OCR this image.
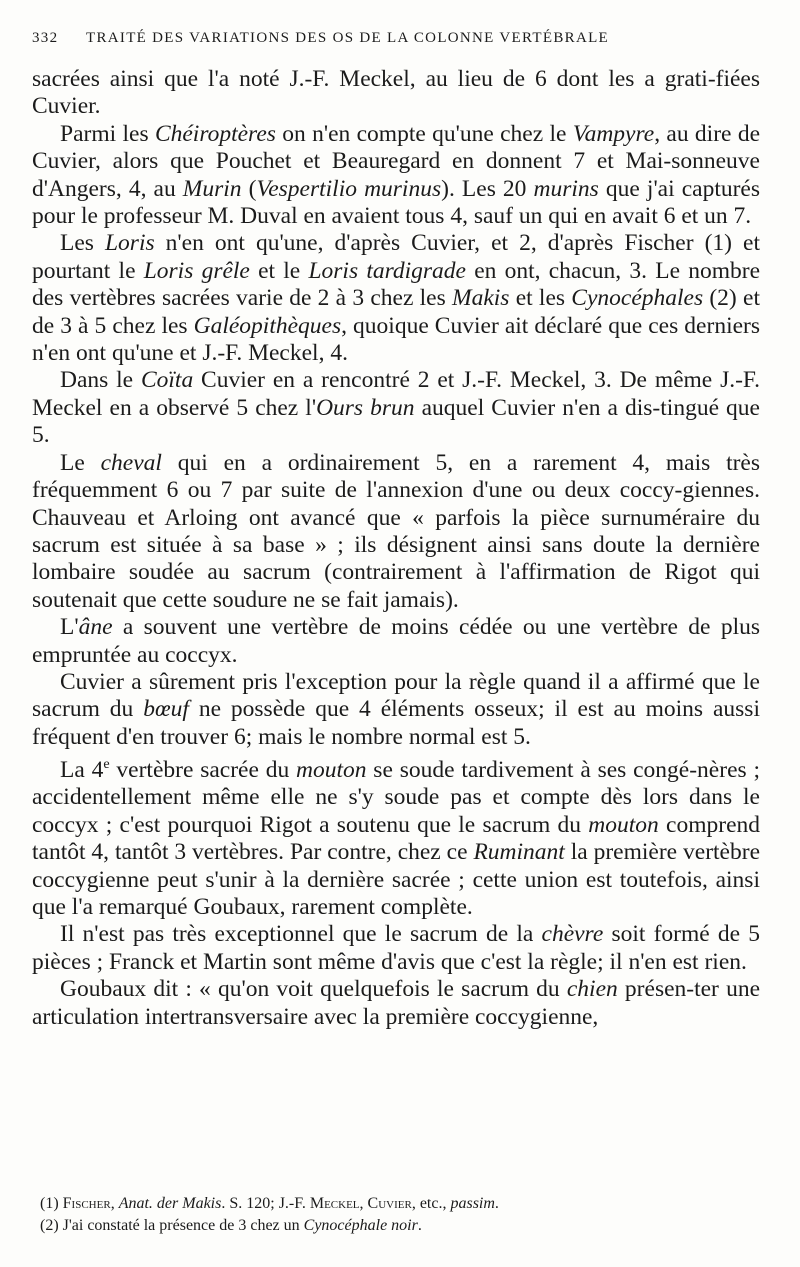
332 TRAITÉ DES VARIATIONS DES OS DE LA COLONNE VERTÉBRALE

sacrées ainsi que l'a noté J.-F. Meckel, au lieu de 6 dont les a grati-fiées Cuvier.

Parmi les Chéiroptères on n'en compte qu'une chez le Vampyre, au dire de Cuvier, alors que Pouchet et Beauregard en donnent 7 et Mai-sonneuve d'Angers, 4, au Murin (Vespertilio murinus). Les 20 murins que j'ai capturés pour le professeur M. Duval en avaient tous 4, sauf un qui en avait 6 et un 7.

Les Loris n'en ont qu'une, d'après Cuvier, et 2, d'après Fischer (1) et pourtant le Loris grêle et le Loris tardigrade en ont, chacun, 3. Le nombre des vertèbres sacrées varie de 2 à 3 chez les Makis et les Cynocéphales (2) et de 3 à 5 chez les Galéopithèques, quoique Cuvier ait déclaré que ces derniers n'en ont qu'une et J.-F. Meckel, 4.

Dans le Coïta Cuvier en a rencontré 2 et J.-F. Meckel, 3. De même J.-F. Meckel en a observé 5 chez l'Ours brun auquel Cuvier n'en a dis-tingué que 5.

Le cheval qui en a ordinairement 5, en a rarement 4, mais très fréquemment 6 ou 7 par suite de l'annexion d'une ou deux coccy-giennes. Chauveau et Arloing ont avancé que « parfois la pièce surnuméraire du sacrum est située à sa base » ; ils désignent ainsi sans doute la dernière lombaire soudée au sacrum (contrairement à l'affirmation de Rigot qui soutenait que cette soudure ne se fait jamais).

L'âne a souvent une vertèbre de moins cédée ou une vertèbre de plus empruntée au coccyx.

Cuvier a sûrement pris l'exception pour la règle quand il a affirmé que le sacrum du bœuf ne possède que 4 éléments osseux; il est au moins aussi fréquent d'en trouver 6; mais le nombre normal est 5.

La 4e vertèbre sacrée du mouton se soude tardivement à ses congé-nères ; accidentellement même elle ne s'y soude pas et compte dès lors dans le coccyx ; c'est pourquoi Rigot a soutenu que le sacrum du mouton comprend tantôt 4, tantôt 3 vertèbres. Par contre, chez ce Ruminant la première vertèbre coccygienne peut s'unir à la dernière sacrée ; cette union est toutefois, ainsi que l'a remarqué Goubaux, rarement complète.

Il n'est pas très exceptionnel que le sacrum de la chèvre soit formé de 5 pièces ; Franck et Martin sont même d'avis que c'est la règle; il n'en est rien.

Goubaux dit : « qu'on voit quelquefois le sacrum du chien présen-ter une articulation intertransversaire avec la première coccygienne,

(1) Fischer, Anat. der Makis. S. 120; J.-F. Meckel, Cuvier, etc., passim.

(2) J'ai constaté la présence de 3 chez un Cynocéphale noir.
